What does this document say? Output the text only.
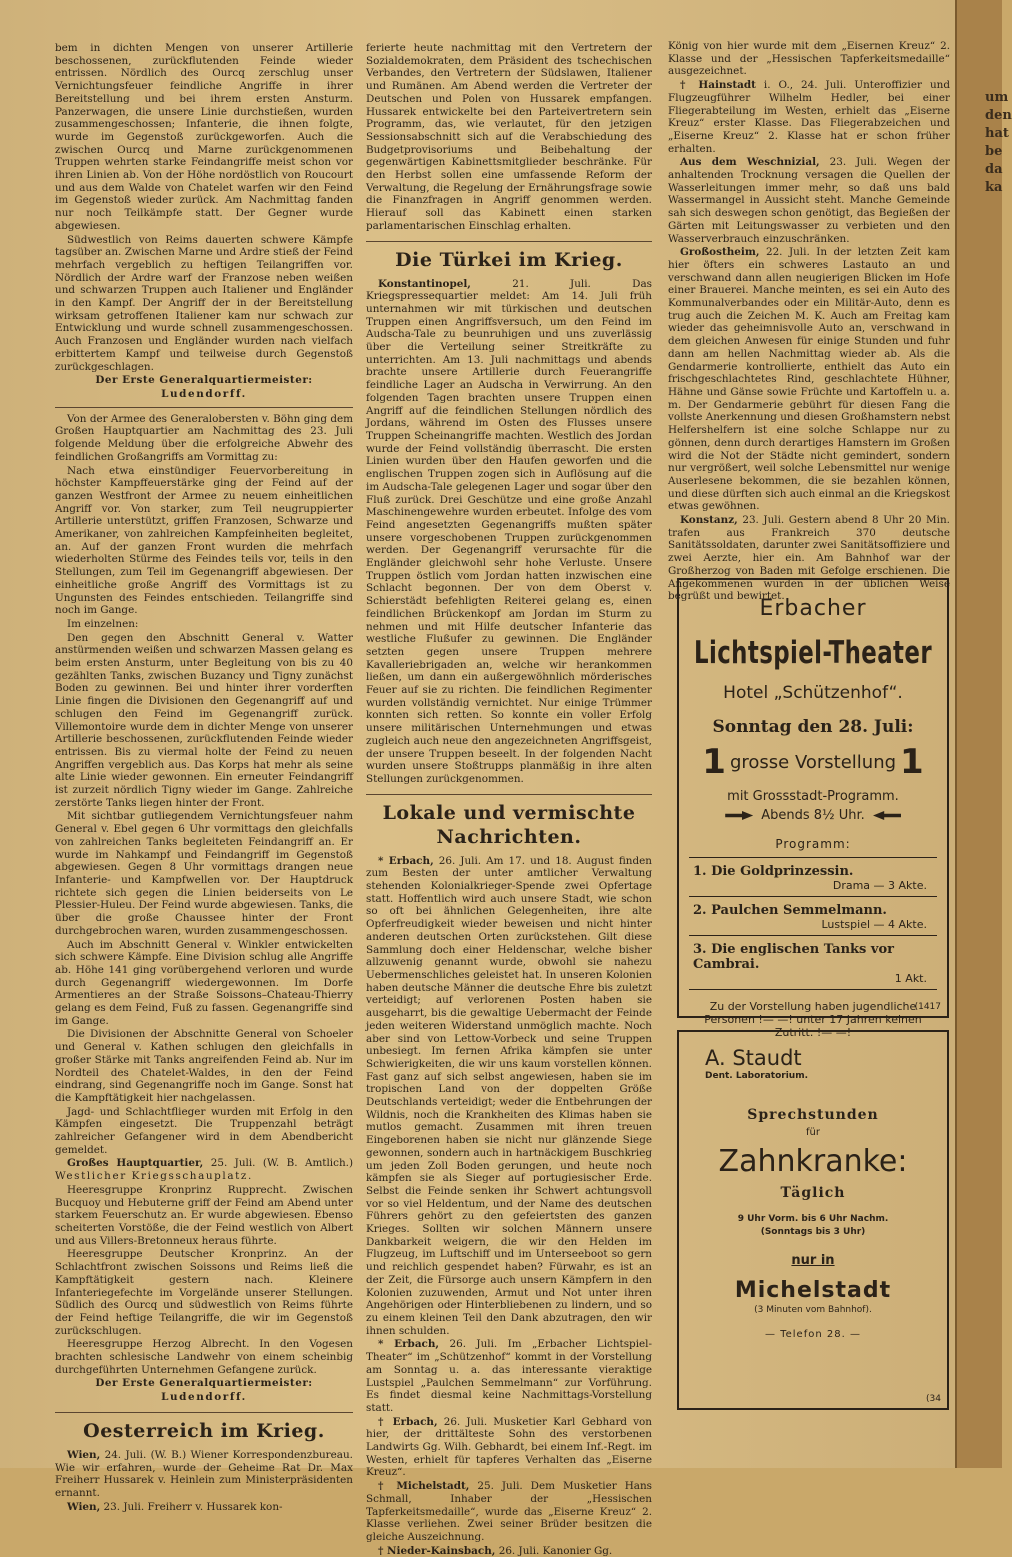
bem in dichten Mengen von unserer Artillerie beschossenen, zurückflutenden Feinde wieder entrissen. Nördlich des Ourcq zerschlug unser Vernichtungsfeuer feindliche Angriffe in ihrer Bereitstellung und bei ihrem ersten Ansturm. Panzerwagen, die unsere Linie durchstießen, wurden zusammengeschossen; Infanterie, die ihnen folgte, wurde im Gegenstoß zurückgeworfen. Auch die zwischen Ourcq und Marne zurückgenommenen Truppen wehrten starke Feindangriffe meist schon vor ihren Linien ab. Von der Höhe nordöstlich von Roucourt und aus dem Walde von Chatelet warfen wir den Feind im Gegenstoß wieder zurück. Am Nachmittag fanden nur noch Teilkämpfe statt. Der Gegner wurde abgewiesen.

Südwestlich von Reims dauerten schwere Kämpfe tagsüber an. Zwischen Marne und Ardre stieß der Feind mehrfach vergeblich zu heftigen Teilangriffen vor. Nördlich der Ardre warf der Franzose neben weißen und schwarzen Truppen auch Italiener und Engländer in den Kampf. Der Angriff der in der Bereitstellung wirksam getroffenen Italiener kam nur schwach zur Entwicklung und wurde schnell zusammengeschossen. Auch Franzosen und Engländer wurden nach vielfach erbittertem Kampf und teilweise durch Gegenstoß zurückgeschlagen.

Der Erste Generalquartiermeister:

Ludendorff.

Von der Armee des Generalobersten v. Böhn ging dem Großen Hauptquartier am Nachmittag des 23. Juli folgende Meldung über die erfolgreiche Abwehr des feindlichen Großangriffs am Vormittag zu:

Nach etwa einstündiger Feuervorbereitung in höchster Kampffeuerstärke ging der Feind auf der ganzen Westfront der Armee zu neuem einheitlichen Angriff vor. Von starker, zum Teil neugruppierter Artillerie unterstützt, griffen Franzosen, Schwarze und Amerikaner, von zahlreichen Kampfeinheiten begleitet, an. Auf der ganzen Front wurden die mehrfach wiederholten Stürme des Feindes teils vor, teils in den Stellungen, zum Teil im Gegenangriff abgewiesen. Der einheitliche große Angriff des Vormittags ist zu Ungunsten des Feindes entschieden. Teilangriffe sind noch im Gange.

Im einzelnen:

Den gegen den Abschnitt General v. Watter anstürmenden weißen und schwarzen Massen gelang es beim ersten Ansturm, unter Begleitung von bis zu 40 gezählten Tanks, zwischen Buzancy und Tigny zunächst Boden zu gewinnen. Bei und hinter ihrer vorderften Linie fingen die Divisionen den Gegenangriff auf und schlugen den Feind im Gegenangriff zurück. Villemontoire wurde dem in dichter Menge von unserer Artillerie beschossenen, zurückflutenden Feinde wieder entrissen. Bis zu viermal holte der Feind zu neuen Angriffen vergeblich aus. Das Korps hat mehr als seine alte Linie wieder gewonnen. Ein erneuter Feindangriff ist zurzeit nördlich Tigny wieder im Gange. Zahlreiche zerstörte Tanks liegen hinter der Front.

Mit sichtbar gutliegendem Vernichtungsfeuer nahm General v. Ebel gegen 6 Uhr vormittags den gleichfalls von zahlreichen Tanks begleiteten Feindangriff an. Er wurde im Nahkampf und Feindangriff im Gegenstoß abgewiesen. Gegen 8 Uhr vormittags drangen neue Infanterie- und Kampfwellen vor. Der Hauptdruck richtete sich gegen die Linien beiderseits von Le Plessier-Huleu. Der Feind wurde abgewiesen. Tanks, die über die große Chaussee hinter der Front durchgebrochen waren, wurden zusammengeschossen.

Auch im Abschnitt General v. Winkler entwickelten sich schwere Kämpfe. Eine Division schlug alle Angriffe ab. Höhe 141 ging vorübergehend verloren und wurde durch Gegenangriff wiedergewonnen. Im Dorfe Armentieres an der Straße Soissons–Chateau-Thierry gelang es dem Feind, Fuß zu fassen. Gegenangriffe sind im Gange.

Die Divisionen der Abschnitte General von Schoeler und General v. Kathen schlugen den gleichfalls in großer Stärke mit Tanks angreifenden Feind ab. Nur im Nordteil des Chatelet-Waldes, in den der Feind eindrang, sind Gegenangriffe noch im Gange. Sonst hat die Kampftätigkeit hier nachgelassen.

Jagd- und Schlachtflieger wurden mit Erfolg in den Kämpfen eingesetzt. Die Truppenzahl beträgt zahlreicher Gefangener wird in dem Abendbericht gemeldet.

Großes Hauptquartier, 25. Juli. (W. B. Amtlich.) Westlicher Kriegsschauplatz.

Heeresgruppe Kronprinz Rupprecht. Zwischen Bucquoy und Hebuterne griff der Feind am Abend unter starkem Feuerschutz an. Er wurde abgewiesen. Ebenso scheiterten Vorstöße, die der Feind westlich von Albert und aus Villers-Bretonneux heraus führte.

Heeresgruppe Deutscher Kronprinz. An der Schlachtfront zwischen Soissons und Reims ließ die Kampftätigkeit gestern nach. Kleinere Infanteriegefechte im Vorgelände unserer Stellungen. Südlich des Ourcq und südwestlich von Reims führte der Feind heftige Teilangriffe, die wir im Gegenstoß zurückschlugen.

Heeresgruppe Herzog Albrecht. In den Vogesen brachten schlesische Landwehr von einem scheinbig durchgeführten Unternehmen Gefangene zurück.

Der Erste Generalquartiermeister:

Ludendorff.

Oesterreich im Krieg.

Wien, 24. Juli. (W. B.) Wiener Korrespondenzbureau. Wie wir erfahren, wurde der Geheime Rat Dr. Max Freiherr Hussarek v. Heinlein zum Ministerpräsidenten ernannt.

Wien, 23. Juli. Freiherr v. Hussarek kon-

ferierte heute nachmittag mit den Vertretern der Sozialdemokraten, dem Präsident des tschechischen Verbandes, den Vertretern der Südslawen, Italiener und Rumänen. Am Abend werden die Vertreter der Deutschen und Polen von Hussarek empfangen. Hussarek entwickelte bei den Parteivertretern sein Programm, das, wie verlautet, für den jetzigen Sessionsabschnitt sich auf die Verabschiedung des Budgetprovisoriums und Beibehaltung der gegenwärtigen Kabinettsmitglieder beschränke. Für den Herbst sollen eine umfassende Reform der Verwaltung, die Regelung der Ernährungsfrage sowie die Finanzfragen in Angriff genommen werden. Hierauf soll das Kabinett einen starken parlamentarischen Einschlag erhalten.

Die Türkei im Krieg.

Konstantinopel,	21. Juli. Das Kriegspressequartier meldet: Am 14. Juli früh unternahmen wir mit türkischen und deutschen Truppen einen Angriffsversuch, um den Feind im Audscha-Tale zu beunruhigen und uns zuverlässig über die Verteilung seiner Streitkräfte zu unterrichten. Am 13. Juli nachmittags und abends brachte unsere Artillerie durch Feuerangriffe feindliche Lager an Audscha in Verwirrung. An den folgenden Tagen brachten unsere Truppen einen Angriff auf die feindlichen Stellungen nördlich des Jordans, während im Osten des Flusses unsere Truppen Scheinangriffe machten. Westlich des Jordan wurde der Feind vollständig überrascht. Die ersten Linien wurden über den Haufen geworfen und die englischen Truppen zogen sich in Auflösung auf die im Audscha-Tale gelegenen Lager und sogar über den Fluß zurück. Drei Geschütze und eine große Anzahl Maschinengewehre wurden erbeutet. Infolge des vom Feind angesetzten Gegenangriffs mußten später unsere vorgeschobenen Truppen zurückgenommen werden. Der Gegenangriff verursachte für die Engländer gleichwohl sehr hohe Verluste. Unsere Truppen östlich vom Jordan hatten inzwischen eine Schlacht begonnen. Der von dem Oberst v. Schierstädt befehligten Reiterei gelang es, einen feindlichen Brückenkopf am Jordan im Sturm zu nehmen und mit Hilfe deutscher Infanterie das westliche Flußufer zu gewinnen. Die Engländer setzten gegen unsere Truppen mehrere Kavalleriebrigaden an, welche wir herankommen ließen, um dann ein außergewöhnlich mörderisches Feuer auf sie zu richten. Die feindlichen Regimenter wurden vollständig vernichtet. Nur einige Trümmer konnten sich retten. So konnte ein voller Erfolg unsere militärischen Unternehmungen und etwas zugleich auch neue den angezeichneten Angriffsgeist, der unsere Truppen beseelt. In der folgenden Nacht wurden unsere Stoßtrupps planmäßig in ihre alten Stellungen zurückgenommen.

Lokale und vermischte Nachrichten.

* Erbach, 26. Juli. Am 17. und 18. August finden zum Besten der unter amtlicher Verwaltung stehenden Kolonialkrieger-Spende zwei Opfertage statt. Hoffentlich wird auch unsere Stadt, wie schon so oft bei ähnlichen Gelegenheiten, ihre alte Opferfreudigkeit wieder beweisen und nicht hinter anderen deutschen Orten zurückstehen. Gilt diese Sammlung doch einer Heldenschar, welche bisher allzuwenig genannt wurde, obwohl sie nahezu Uebermenschliches geleistet hat. In unseren Kolonien haben deutsche Männer die deutsche Ehre bis zuletzt verteidigt; auf verlorenen Posten haben sie ausgeharrt, bis die gewaltige Uebermacht der Feinde jeden weiteren Widerstand unmöglich machte. Noch aber sind von Lettow-Vorbeck und seine Truppen unbesiegt. Im fernen Afrika kämpfen sie unter Schwierigkeiten, die wir uns kaum vorstellen können. Fast ganz auf sich selbst angewiesen, haben sie im tropischen Land von der doppelten Größe Deutschlands verteidigt; weder die Entbehrungen der Wildnis, noch die Krankheiten des Klimas haben sie mutlos gemacht. Zusammen mit ihren treuen Eingeborenen haben sie nicht nur glänzende Siege gewonnen, sondern auch in hartnäckigem Buschkrieg um jeden Zoll Boden gerungen, und heute noch kämpfen sie als Sieger auf portugiesischer Erde. Selbst die Feinde senken ihr Schwert achtungsvoll vor so viel Heldentum, und der Name des deutschen Führers gehört zu den gefeiertsten des ganzen Krieges. Sollten wir solchen Männern unsere Dankbarkeit weigern, die wir den Helden im Flugzeug, im Luftschiff und im Unterseeboot so gern und reichlich gespendet haben? Fürwahr, es ist an der Zeit, die Fürsorge auch unsern Kämpfern in den Kolonien zuzuwenden, Armut und Not unter ihren Angehörigen oder Hinterbliebenen zu lindern, und so zu einem kleinen Teil den Dank abzutragen, den wir ihnen schulden.

* Erbach, 26. Juli. Im „Erbacher Lichtspiel-Theater“ im „Schützenhof“ kommt in der Vorstellung am Sonntag u. a. das interessante vieraktige Lustspiel „Paulchen Semmelmann“ zur Vorführung. Es findet diesmal keine Nachmittags-Vorstellung statt.

† Erbach, 26. Juli. Musketier Karl Gebhard von hier, der drittälteste Sohn des verstorbenen Landwirts Gg. Wilh. Gebhardt, bei einem Inf.-Regt. im Westen, erhielt für tapferes Verhalten das „Eiserne Kreuz“.

† Michelstadt, 25. Juli. Dem Musketier Hans Schmall, Inhaber der „Hessischen Tapferkeitsmedaille“, wurde das „Eiserne Kreuz“ 2. Klasse verliehen. Zwei seiner Brüder besitzen die gleiche Auszeichnung.

† Nieder-Kainsbach, 26. Juli. Kanonier Gg.

König von hier wurde mit dem „Eisernen Kreuz“ 2. Klasse und der „Hessischen Tapferkeitsmedaille“ ausgezeichnet.

† Hainstadt i. O., 24. Juli. Unteroffizier und Flugzeugführer Wilhelm Hedler, bei einer Fliegerabteilung im Westen, erhielt das „Eiserne Kreuz“ erster Klasse. Das Fliegerabzeichen und „Eiserne Kreuz“ 2. Klasse hat er schon früher erhalten.

Aus dem Weschnizial, 23. Juli. Wegen der anhaltenden Trocknung versagen die Quellen der Wasserleitungen immer mehr, so daß uns bald Wassermangel in Aussicht steht. Manche Gemeinde sah sich deswegen schon genötigt, das Begießen der Gärten mit Leitungswasser zu verbieten und den Wasserverbrauch einzuschränken.

Großostheim, 22. Juli. In der letzten Zeit kam hier öfters ein schweres Lastauto an und verschwand dann allen neugierigen Blicken im Hofe einer Brauerei. Manche meinten, es sei ein Auto des Kommunalverbandes oder ein Militär-Auto, denn es trug auch die Zeichen M. K. Auch am Freitag kam wieder das geheimnisvolle Auto an, verschwand in dem gleichen Anwesen für einige Stunden und fuhr dann am hellen Nachmittag wieder ab. Als die Gendarmerie kontrollierte, enthielt das Auto ein frischgeschlachtetes Rind, geschlachtete Hühner, Hähne und Gänse sowie Früchte und Kartoffeln u. a. m. Der Gendarmerie gebührt für diesen Fang die vollste Anerkennung und diesen Großhamstern nebst Helfershelfern ist eine solche Schlappe nur zu gönnen, denn durch derartiges Hamstern im Großen wird die Not der Städte nicht gemindert, sondern nur vergrößert, weil solche Lebensmittel nur wenige Auserlesene bekommen, die sie bezahlen können, und diese dürften sich auch einmal an die Kriegskost etwas gewöhnen.

Konstanz, 23. Juli. Gestern abend 8 Uhr 20 Min. trafen aus Frankreich 370 deutsche Sanitätssoldaten, darunter zwei Sanitätsoffiziere und zwei Aerzte, hier ein. Am Bahnhof war der Großherzog von Baden mit Gefolge erschienen. Die Angekommenen wurden in der üblichen Weise begrüßt und bewirtet.

Erbacher
Lichtspiel-Theater
Hotel „Schützenhof“.
Sonntag den 28. Juli:
1 grosse Vorstellung 1
mit Grossstadt-Programm.
Abends 8½ Uhr.
Programm:
1. Die Goldprinzessin.
Drama — 3 Akte.
2. Paulchen Semmelmann.
Lustspiel — 4 Akte.
3. Die englischen Tanks vor Cambrai.
1 Akt.
Zu der Vorstellung haben jugendliche Personen !— —! unter 17 Jahren keinen Zutritt. !— —!
(1417
A. Staudt
Dent. Laboratorium.
Sprechstunden
für
Zahnkranke:
Täglich
9 Uhr Vorm. bis 6 Uhr Nachm.
(Sonntags bis 3 Uhr)
nur in
Michelstadt
(3 Minuten vom Bahnhof).
— Telefon 28. —
(34
um
den
hat
be
da
ka
